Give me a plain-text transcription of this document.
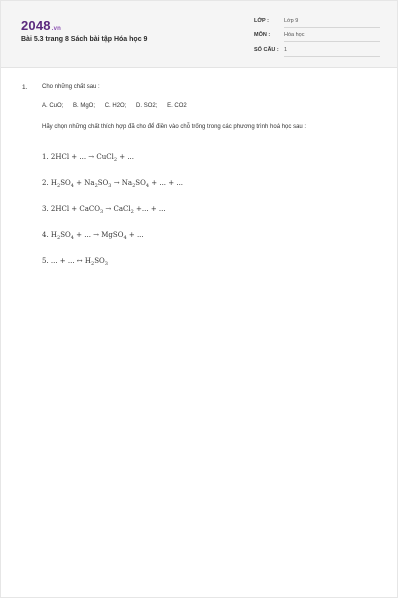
2048.vn
Bài 5.3 trang 8 Sách bài tập Hóa học 9
LỚP :	Lớp 9
MÔN :	Hóa học
SỐ CÂU : 1
1. Cho những chất sau :
A. CuO; B. MgO; C. H2O; D. SO2; E. CO2
Hãy chọn những chất thích hợp đã cho để điền vào chỗ trống trong các phương trình hoá học sau :
1. 2HCl + ... → CuCl$_2$ + ...
2. $H_2SO_4 + Na_2SO_3 \to Na_2SO_4$ + ... + ...
3. 2HCl + CaCO$_3$ → CaCl$_2$ +... + ...
4. $H_2SO_4$ + ... → MgSO$_4$ + ...
5. ... + ... ↔ $H_2SO_3$
